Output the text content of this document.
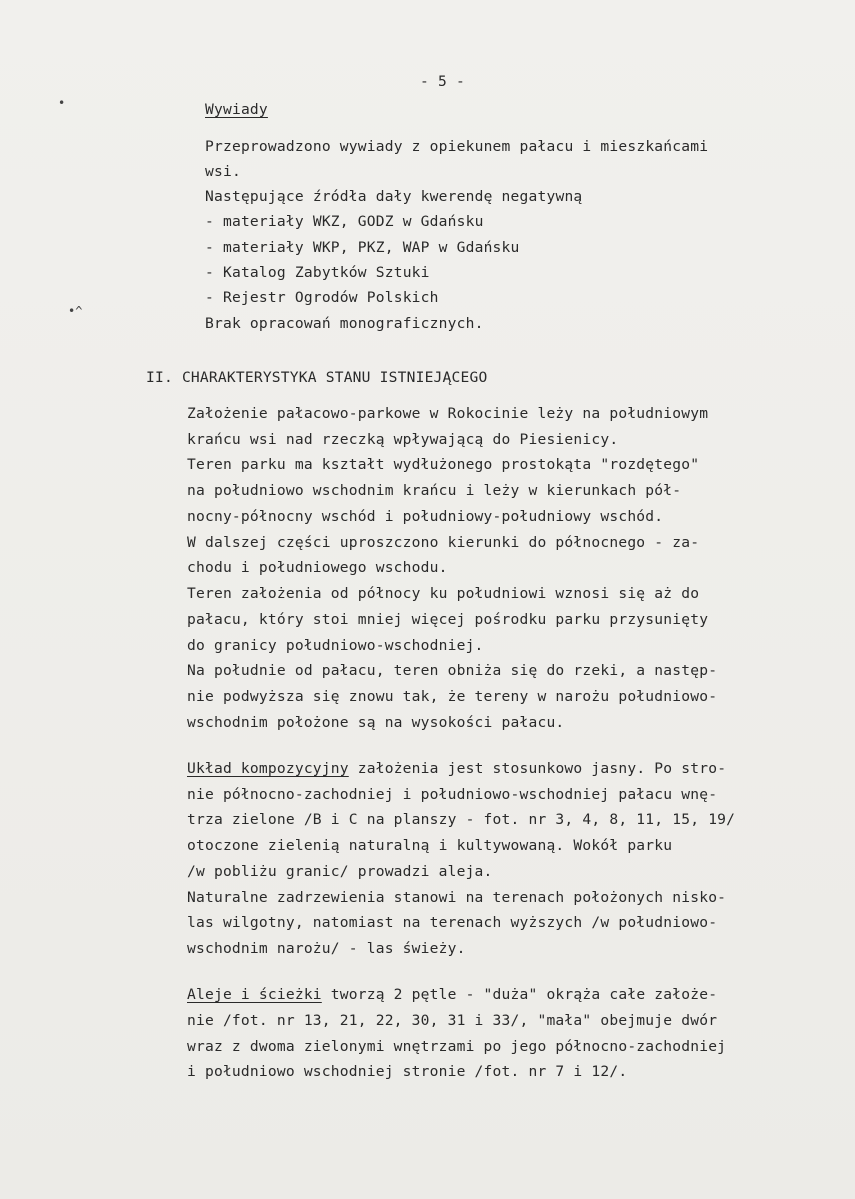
•
•^
- 5 -
Wywiady
Przeprowadzono wywiady z opiekunem pałacu i mieszkańcami
wsi.
Następujące źródła dały kwerendę negatywną
- materiały WKZ, GODZ w Gdańsku
- materiały WKP, PKZ, WAP w Gdańsku
- Katalog Zabytków Sztuki
- Rejestr Ogrodów Polskich
Brak opracowań monograficznych.
II. CHARAKTERYSTYKA STANU ISTNIEJĄCEGO
Założenie pałacowo-parkowe w Rokocinie leży na południowym
krańcu wsi nad rzeczką wpływającą do Piesienicy.
Teren parku ma kształt wydłużonego prostokąta "rozdętego"
na południowo wschodnim krańcu i leży w kierunkach pół-
nocny-północny wschód i południowy-południowy wschód.
W dalszej części uproszczono kierunki do północnego - za-
chodu i południowego wschodu.
Teren założenia od północy ku południowi wznosi się aż do
pałacu, który stoi mniej więcej pośrodku parku przysunięty
do granicy południowo-wschodniej.
Na południe od pałacu, teren obniża się do rzeki, a następ-
nie podwyższa się znowu tak, że tereny w narożu południowo-
wschodnim położone są na wysokości pałacu.
Układ kompozycyjny założenia jest stosunkowo jasny. Po stro-
nie północno-zachodniej i południowo-wschodniej pałacu wnę-
trza zielone /B i C na planszy - fot. nr 3, 4, 8, 11, 15, 19/
otoczone zielenią naturalną i kultywowaną. Wokół parku
/w pobliżu granic/ prowadzi aleja.
Naturalne zadrzewienia stanowi na terenach położonych nisko-
las wilgotny, natomiast na terenach wyższych /w południowo-
wschodnim narożu/ - las świeży.
Aleje i ścieżki tworzą 2 pętle - "duża" okrąża całe założe-
nie /fot. nr 13, 21, 22, 30, 31 i 33/, "mała" obejmuje dwór
wraz z dwoma zielonymi wnętrzami po jego północno-zachodniej
i południowo wschodniej stronie /fot. nr 7 i 12/.
